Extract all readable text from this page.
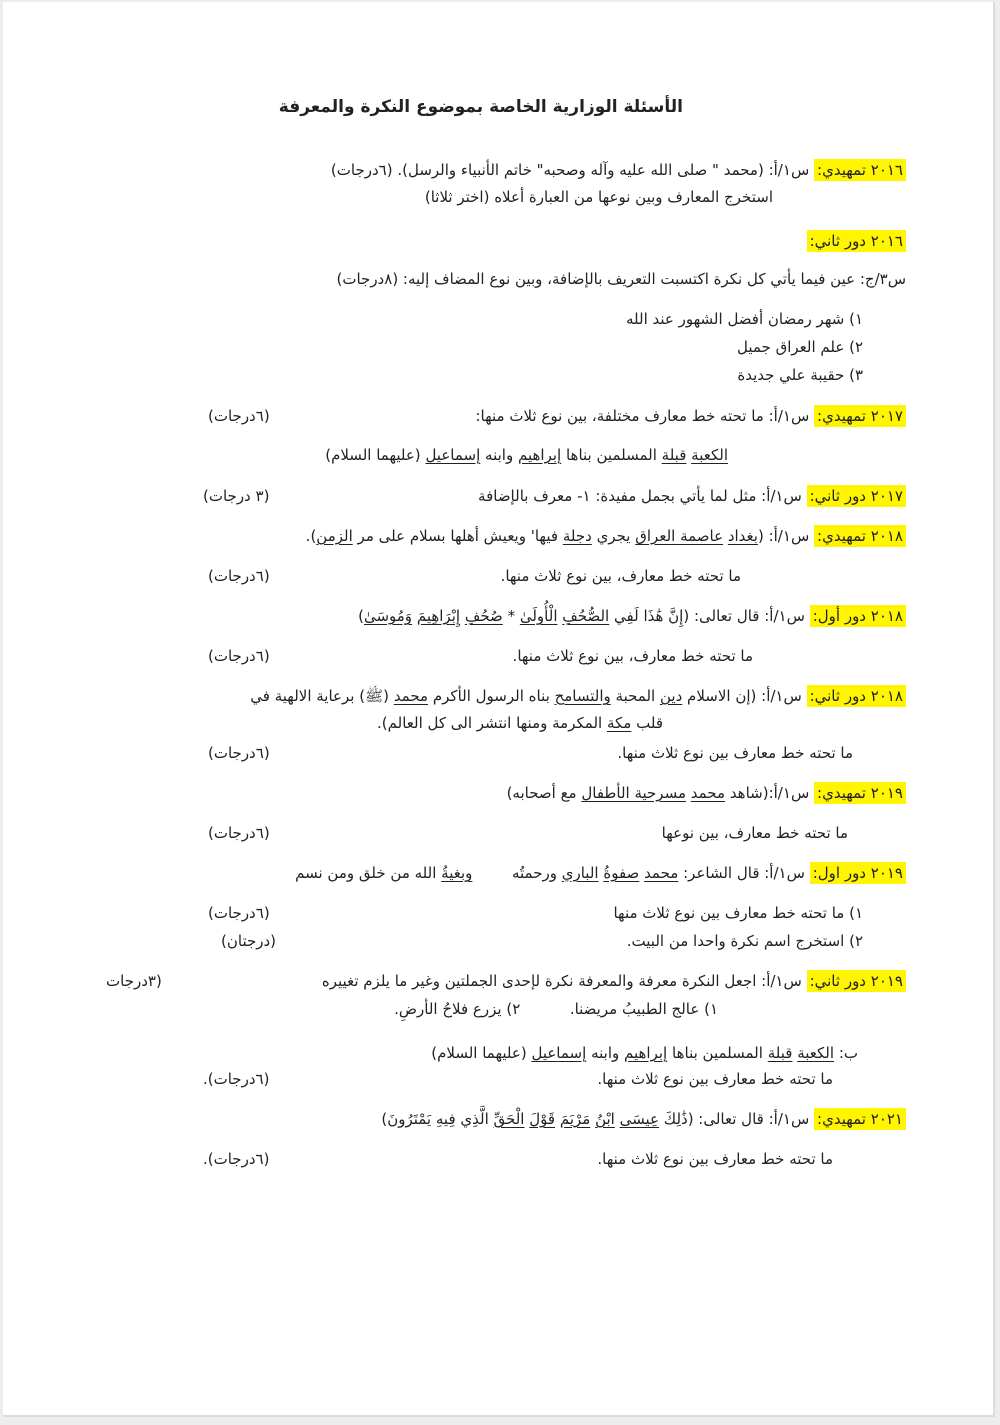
الأسئلة الوزارية الخاصة بموضوع النكرة والمعرفة
٢٠١٦ تمهيدي: س١/أ: (محمد " صلى الله عليه وآله وصحبه" خاتم الأنبياء والرسل). (٦درجات)
استخرج المعارف وبين نوعها من العبارة أعلاه (اختر ثلاثا)
٢٠١٦ دور ثاني:
س٣/ج: عين فيما يأتي كل نكرة اكتسبت التعريف بالإضافة، وبين نوع المضاف إليه: (٨درجات)
١) شهر رمضان أفضل الشهور عند الله
٢) علم العراق جميل
٣) حقيبة علي جديدة
٢٠١٧ تمهيدي: س١/أ: ما تحته خط معارف مختلفة، بين نوع ثلاث منها:
(٦درجات)
الكعبة قبلة المسلمين بناها إبراهيم وابنه إسماعيل (عليهما السلام)
٢٠١٧ دور ثاني: س١/أ: مثل لما يأتي بجمل مفيدة: ١- معرف بالإضافة
(٣ درجات)
٢٠١٨ تمهيدي: س١/أ: (بغداد عاصمة العراق يجري دجلة فيها' ويعيش أهلها بسلام على مر الزمن).
ما تحته خط معارف، بين نوع ثلاث منها.
(٦درجات)
٢٠١٨ دور أول: س١/أ: قال تعالى: (إِنَّ هَٰذَا لَفِي الصُّحُفِ الْأُولَىٰ * صُحُفِ إِبْرَاهِيمَ وَمُوسَىٰ)
ما تحته خط معارف، بين نوع ثلاث منها.
(٦درجات)
٢٠١٨ دور ثاني: س١/أ: (إن الاسلام دين المحبة والتسامح بناه الرسول الأكرم محمد (ﷺ) برعاية الالهية في
قلب مكة المكرمة ومنها انتشر الى كل العالم).
ما تحته خط معارف بين نوع ثلاث منها.
(٦درجات)
٢٠١٩ تمهيدي: س١/أ:(شاهد محمد مسرحية الأطفال مع أصحابه)
ما تحته خط معارف، بين نوعها
(٦درجات)
٢٠١٩ دور اول: س١/أ: قال الشاعر: محمد صفوةُ الباري ورحمتُه  وبغيةُ الله من خلق ومن نسم
١) ما تحته خط معارف بين نوع ثلاث منها
(٦درجات)
٢) استخرج اسم نكرة واحدا من البيت.
(درجتان)
٢٠١٩ دور ثاني: س١/أ: اجعل النكرة معرفة والمعرفة نكرة لإحدى الجملتين وغير ما يلزم تغييره
(٣درجات
١) عالج الطبيبُ مريضنا.  ٢) يزرع فلاحُ الأرضِ.
ب: الكعبة قبلة المسلمين بناها إبراهيم وابنه إسماعيل (عليهما السلام)
ما تحته خط معارف بين نوع ثلاث منها.
(٦درجات).
٢٠٢١ تمهيدي: س١/أ: قال تعالى: (ذَٰلِكَ عِيسَى ابْنُ مَرْيَمَ قَوْلَ الْحَقِّ الَّذِي فِيهِ يَمْتَرُونَ)
ما تحته خط معارف بين نوع ثلاث منها.
(٦درجات).
